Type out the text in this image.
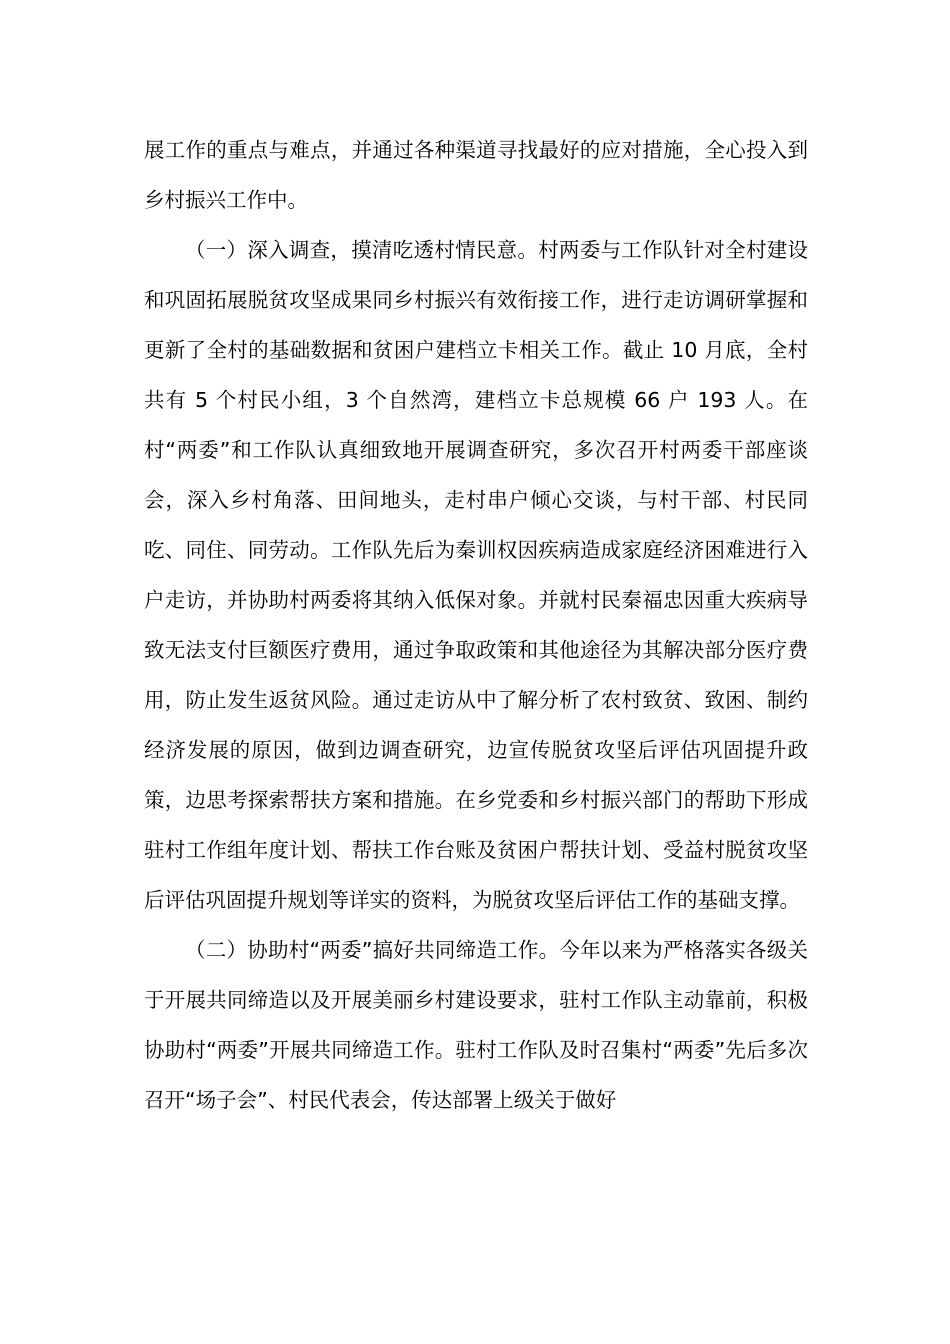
展工作的重点与难点，并通过各种渠道寻找最好的应对措施，全心投入到乡村振兴工作中。

（一）深入调查，摸清吃透村情民意。村两委与工作队针对全村建设和巩固拓展脱贫攻坚成果同乡村振兴有效衔接工作，进行走访调研掌握和更新了全村的基础数据和贫困户建档立卡相关工作。截止 10 月底，全村共有 5 个村民小组，3 个自然湾，建档立卡总规模 66 户 193 人。在村“两委”和工作队认真细致地开展调查研究，多次召开村两委干部座谈会，深入乡村角落、田间地头，走村串户倾心交谈，与村干部、村民同吃、同住、同劳动。工作队先后为秦训权因疾病造成家庭经济困难进行入户走访，并协助村两委将其纳入低保对象。并就村民秦福忠因重大疾病导致无法支付巨额医疗费用，通过争取政策和其他途径为其解决部分医疗费用，防止发生返贫风险。通过走访从中了解分析了农村致贫、致困、制约经济发展的原因，做到边调查研究，边宣传脱贫攻坚后评估巩固提升政策，边思考探索帮扶方案和措施。在乡党委和乡村振兴部门的帮助下形成驻村工作组年度计划、帮扶工作台账及贫困户帮扶计划、受益村脱贫攻坚后评估巩固提升规划等详实的资料，为脱贫攻坚后评估工作的基础支撑。

（二）协助村“两委”搞好共同缔造工作。今年以来为严格落实各级关于开展共同缔造以及开展美丽乡村建设要求，驻村工作队主动靠前，积极协助村“两委”开展共同缔造工作。驻村工作队及时召集村“两委”先后多次召开“场子会”、村民代表会，传达部署上级关于做好
